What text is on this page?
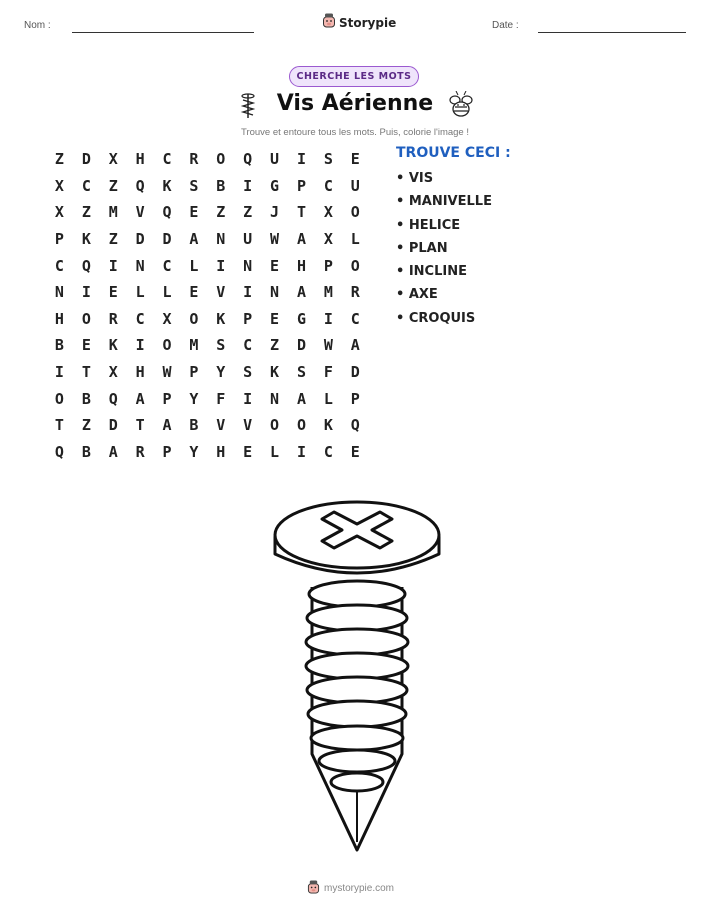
Nom :	Storypie	Date :
CHERCHE LES MOTS
Vis Aérienne
Trouve et entoure tous les mots. Puis, colorie l'image !
Z	D	X	H	C	R	O	Q	U	I	S	E
X	C	Z	Q	K	S	B	I	G	P	C	U
X	Z	M	V	Q	E	Z	Z	J	T	X	O
P	K	Z	D	D	A	N	U	W	A	X	L
C	Q	I	N	C	L	I	N	E	H	P	O
N	I	E	L	L	E	V	I	N	A	M	R
H	O	R	C	X	O	K	P	E	G	I	C
B	E	K	I	O	M	S	C	Z	D	W	A
I	T	X	H	W	P	Y	S	K	S	F	D
O	B	Q	A	P	Y	F	I	N	A	L	P
T	Z	D	T	A	B	V	V	O	O	K	Q
Q	B	A	R	P	Y	H	E	L	I	C	E
TROUVE CECI :
• VIS
• MANIVELLE
• HELICE
• PLAN
• INCLINE
• AXE
• CROQUIS
mystorypie.com
